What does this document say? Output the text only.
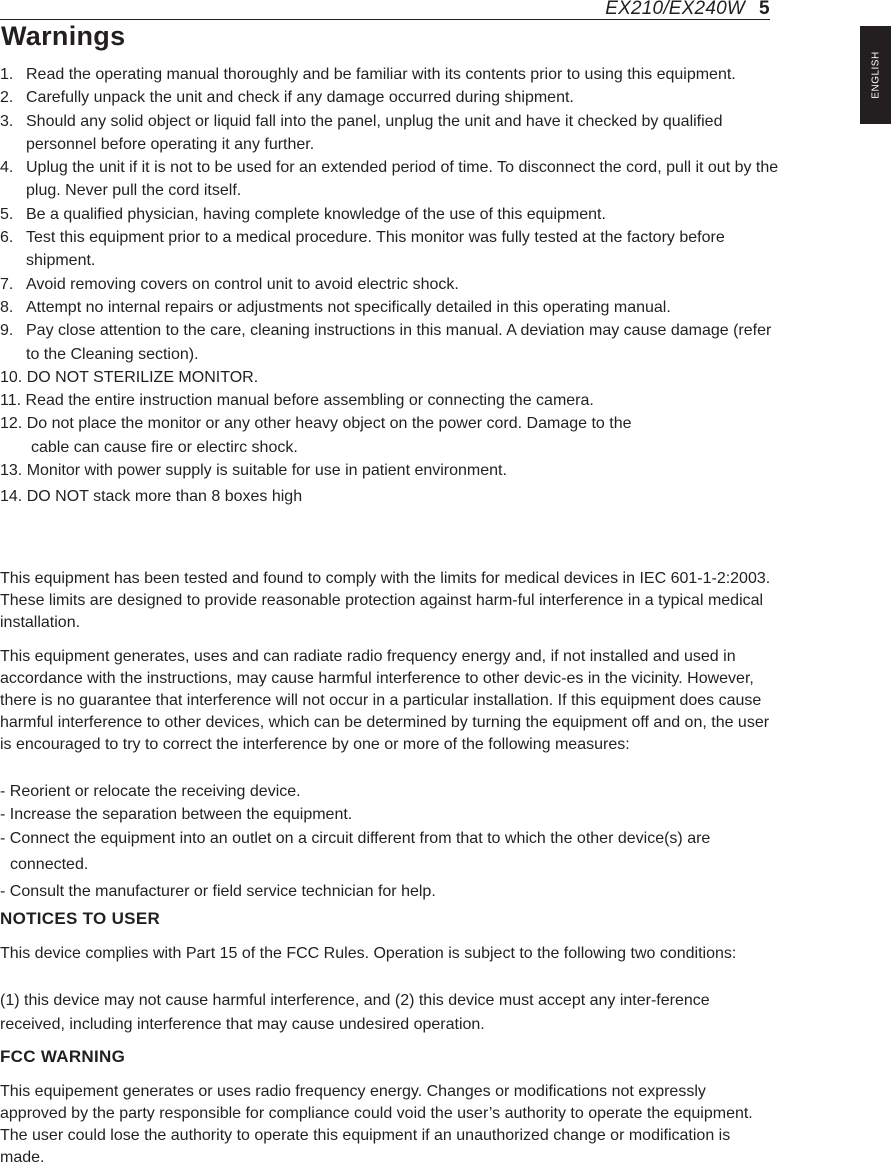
EX210/EX240W 5
ENGLISH
Warnings
1. Read the operating manual thoroughly and be familiar with its contents prior to using this equipment.
2. Carefully unpack the unit and check if any damage occurred during shipment.
3. Should any solid object or liquid fall into the panel, unplug the unit and have it checked by qualified personnel before operating it any further.
4. Uplug the unit if it is not to be used for an extended period of time. To disconnect the cord, pull it out by the plug. Never pull the cord itself.
5. Be a qualified physician, having complete knowledge of the use of this equipment.
6. Test this equipment prior to a medical procedure. This monitor was fully tested at the factory before shipment.
7. Avoid removing covers on control unit to avoid electric shock.
8. Attempt no internal repairs or adjustments not specifically detailed in this operating manual.
9. Pay close attention to the care, cleaning instructions in this manual. A deviation may cause damage (refer to the Cleaning section).
10. DO NOT STERILIZE MONITOR.
11. Read the entire instruction manual before assembling or connecting the camera.
12. Do not place the monitor or any other heavy object on the power cord. Damage to the
cable can cause fire or electirc shock.
13. Monitor with power supply is suitable for use in patient environment.
14. DO NOT stack more than 8 boxes high

This equipment has been tested and found to comply with the limits for medical devices in IEC 601-1-2:2003. These limits are designed to provide reasonable protection against harm-ful interference in a typical medical installation.

This equipment generates, uses and can radiate radio frequency energy and, if not installed and used in accordance with the instructions, may cause harmful interference to other devic-es in the vicinity. However, there is no guarantee that interference will not occur in a particular installation. If this equipment does cause harmful interference to other devices, which can be determined by turning the equipment off and on, the user is encouraged to try to correct the interference by one or more of the following measures:

- Reorient or relocate the receiving device.
- Increase the separation between the equipment.
- Connect the equipment into an outlet on a circuit different from that to which the other device(s) are connected.
- Consult the manufacturer or field service technician for help.
NOTICES TO USER

This device complies with Part 15 of the FCC Rules. Operation is subject to the following two conditions:

(1) this device may not cause harmful interference, and (2) this device must accept any inter-ference received, including interference that may cause undesired operation.

FCC WARNING

This equipement generates or uses radio frequency energy. Changes or modifications not expressly approved by the party responsible for compliance could void the user’s authority to operate the equipment. The user could lose the authority to operate this equipment if an unauthorized change or modification is made.
